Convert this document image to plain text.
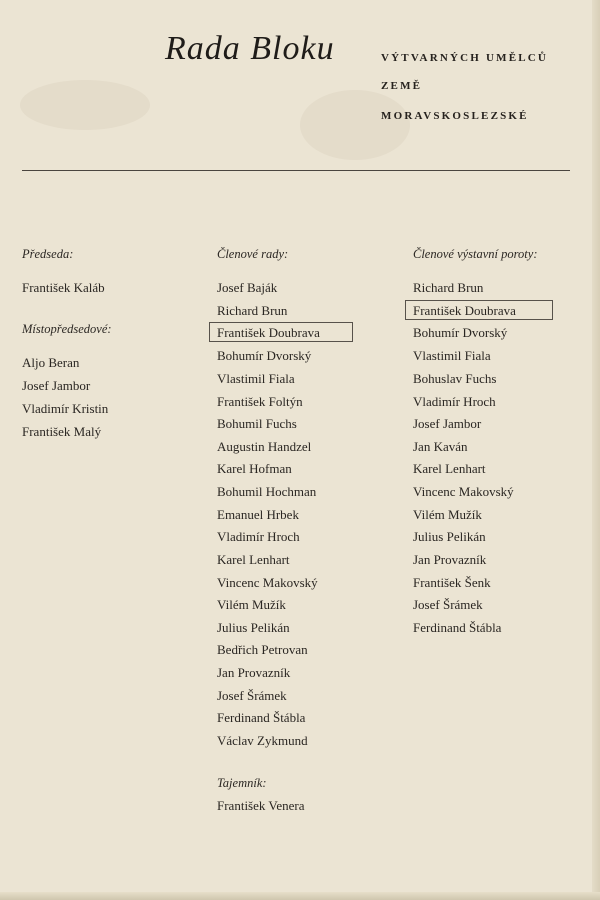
Rada Bloku	VÝTVARNÝCH UMĚLCŮ
ZEMĚ
MORAVSKOSLEZSKÉ
Předseda:
František Kaláb
Místopředsedové:
Aljo Beran
Josef Jambor
Vladimír Kristin
František Malý
Členové rady:
Josef Baják
Richard Brun
František Doubrava
Bohumír Dvorský
Vlastimil Fiala
František Foltýn
Bohumil Fuchs
Augustin Handzel
Karel Hofman
Bohumil Hochman
Emanuel Hrbek
Vladimír Hroch
Karel Lenhart
Vincenc Makovský
Vilém Mužík
Julius Pelikán
Bedřich Petrovan
Jan Provazník
Josef Šrámek
Ferdinand Štábla
Václav Zykmund
Tajemník:
František Venera
Členové výstavní poroty:
Richard Brun
František Doubrava
Bohumír Dvorský
Vlastimil Fiala
Bohuslav Fuchs
Vladimír Hroch
Josef Jambor
Jan Kaván
Karel Lenhart
Vincenc Makovský
Vilém Mužík
Julius Pelikán
Jan Provazník
František Šenk
Josef Šrámek
Ferdinand Štábla
